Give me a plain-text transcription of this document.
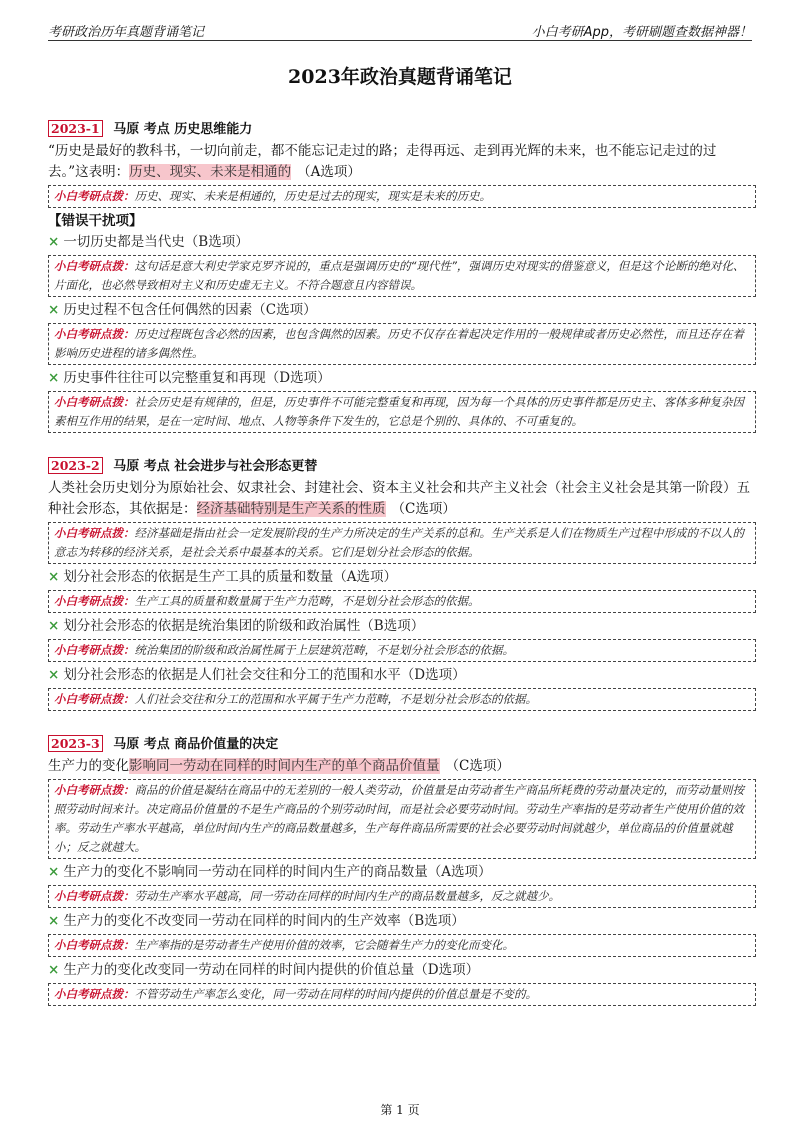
考研政治历年真题背诵笔记	小白考研App，考研刷题查数据神器！
2023年政治真题背诵笔记
2023-1 马原 考点 历史思维能力
“历史是最好的教科书，一切向前走，都不能忘记走过的路；走得再远、走到再光辉的未来，也不能忘记走过的过去。”这表明：历史、现实、未来是相通的 （A选项）
小白考研点拨：历史、现实、未来是相通的，历史是过去的现实，现实是未来的历史。
【错误干扰项】
× 一切历史都是当代史（B选项）
小白考研点拨：这句话是意大利史学家克罗齐说的，重点是强调历史的“现代性”，强调历史对现实的借鉴意义，但是这个论断的绝对化、片面化，也必然导致相对主义和历史虚无主义。不符合题意且内容错误。
× 历史过程不包含任何偶然的因素（C选项）
小白考研点拨：历史过程既包含必然的因素，也包含偶然的因素。历史不仅存在着起决定作用的一般规律或者历史必然性，而且还存在着影响历史进程的诸多偶然性。
× 历史事件往往可以完整重复和再现（D选项）
小白考研点拨：社会历史是有规律的，但是，历史事件不可能完整重复和再现，因为每一个具体的历史事件都是历史主、客体多种复杂因素相互作用的结果，是在一定时间、地点、人物等条件下发生的，它总是个别的、具体的、不可重复的。
2023-2 马原 考点 社会进步与社会形态更替
人类社会历史划分为原始社会、奴隶社会、封建社会、资本主义社会和共产主义社会（社会主义社会是其第一阶段）五种社会形态，其依据是：经济基础特别是生产关系的性质 （C选项）
小白考研点拨：经济基础是指由社会一定发展阶段的生产力所决定的生产关系的总和。生产关系是人们在物质生产过程中形成的不以人的意志为转移的经济关系，是社会关系中最基本的关系。它们是划分社会形态的依据。
× 划分社会形态的依据是生产工具的质量和数量（A选项）
小白考研点拨：生产工具的质量和数量属于生产力范畴，不是划分社会形态的依据。
× 划分社会形态的依据是统治集团的阶级和政治属性（B选项）
小白考研点拨：统治集团的阶级和政治属性属于上层建筑范畴，不是划分社会形态的依据。
× 划分社会形态的依据是人们社会交往和分工的范围和水平（D选项）
小白考研点拨：人们社会交往和分工的范围和水平属于生产力范畴，不是划分社会形态的依据。
2023-3 马原 考点 商品价值量的决定
生产力的变化影响同一劳动在同样的时间内生产的单个商品价值量 （C选项）
小白考研点拨：商品的价值是凝结在商品中的无差别的一般人类劳动，价值量是由劳动者生产商品所耗费的劳动量决定的，而劳动量则按照劳动时间来计。决定商品价值量的不是生产商品的个别劳动时间，而是社会必要劳动时间。劳动生产率指的是劳动者生产使用价值的效率。劳动生产率水平越高，单位时间内生产的商品数量越多，生产每件商品所需要的社会必要劳动时间就越少，单位商品的价值量就越小；反之就越大。
× 生产力的变化不影响同一劳动在同样的时间内生产的商品数量（A选项）
小白考研点拨：劳动生产率水平越高，同一劳动在同样的时间内生产的商品数量越多，反之就越少。
× 生产力的变化不改变同一劳动在同样的时间内的生产效率（B选项）
小白考研点拨：生产率指的是劳动者生产使用价值的效率，它会随着生产力的变化而变化。
× 生产力的变化改变同一劳动在同样的时间内提供的价值总量（D选项）
小白考研点拨：不管劳动生产率怎么变化，同一劳动在同样的时间内提供的价值总量是不变的。
第 1 页
